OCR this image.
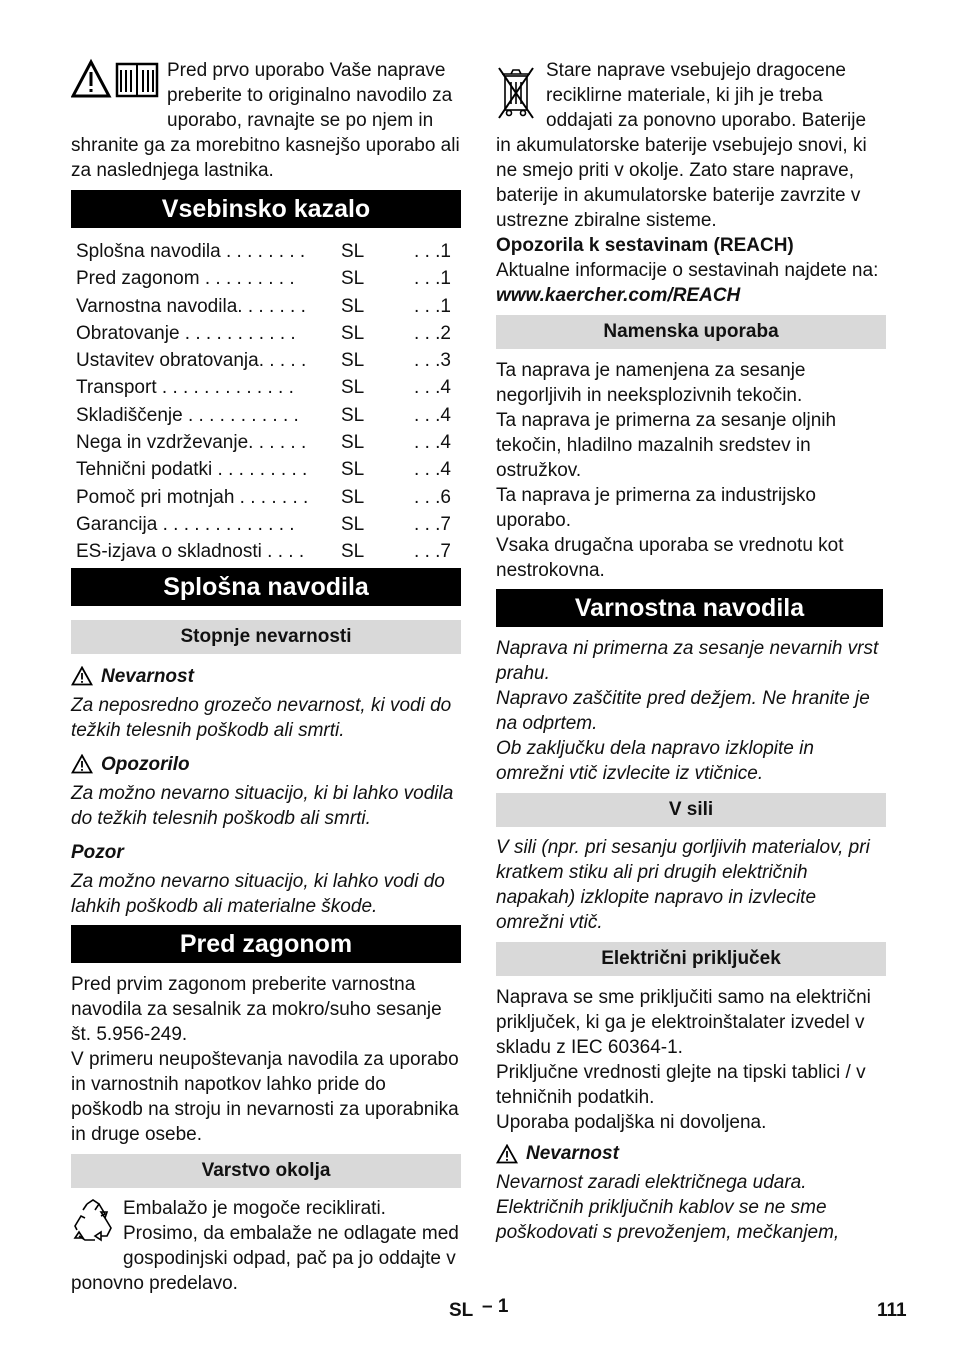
Pred prvo uporabo Vaše naprave preberite to originalno navodilo za uporabo, ravnajte se po njem in shranite ga za morebitno kasnejšo uporabo ali za naslednjega lastnika.

Vsebinsko kazalo
Splošna navodila . . . . . . . .	SL	. . .1
Pred zagonom . . . . . . . . .	SL	. . .1
Varnostna navodila. . . . . . .	SL	. . .1
Obratovanje . . . . . . . . . . .	SL	. . .2
Ustavitev obratovanja. . . . .	SL	. . .3
Transport . . . . . . . . . . . . .	SL	. . .4
Skladiščenje . . . . . . . . . . .	SL	. . .4
Nega in vzdrževanje. . . . . .	SL	. . .4
Tehnični podatki . . . . . . . . .	SL	. . .4
Pomoč pri motnjah . . . . . . .	SL	. . .6
Garancija . . . . . . . . . . . . .	SL	. . .7
ES-izjava o skladnosti . . . .	SL	. . .7
Splošna navodila
Stopnje nevarnosti
Nevarnost

Za neposredno grozečo nevarnost, ki vodi do težkih telesnih poškodb ali smrti.

Opozorilo

Za možno nevarno situacijo, ki bi lahko vodila do težkih telesnih poškodb ali smrti.

Pozor

Za možno nevarno situacijo, ki lahko vodi do lahkih poškodb ali materialne škode.

Pred zagonom

Pred prvim zagonom preberite varnostna navodila za sesalnik za mokro/suho sesanje št. 5.956-249.

V primeru neupoštevanja navodila za uporabo in varnostnih napotkov lahko pride do poškodb na stroju in nevarnosti za uporabnika in druge osebe.

Varstvo okolja

Embalažo je mogoče reciklirati. Prosimo, da embalaže ne odlagate med gospodinjski odpad, pač pa jo oddajte v ponovno predelavo.

Stare naprave vsebujejo dragocene reciklirne materiale, ki jih je treba oddajati za ponovno uporabo. Baterije in akumulatorske baterije vsebujejo snovi, ki ne smejo priti v okolje. Zato stare naprave, baterije in akumulatorske baterije zavrzite v ustrezne zbiralne sisteme.

Opozorila k sestavinam (REACH)

Aktualne informacije o sestavinah najdete na:

www.kaercher.com/REACH

Namenska uporaba

Ta naprava je namenjena za sesanje negorljivih in neeksplozivnih tekočin.

Ta naprava je primerna za sesanje oljnih tekočin, hladilno mazalnih sredstev in ostružkov.

Ta naprava je primerna za industrijsko uporabo.

Vsaka drugačna uporaba se vrednotu kot nestrokovna.

Varnostna navodila

Naprava ni primerna za sesanje nevarnih vrst prahu.

Napravo zaščitite pred dežjem. Ne hranite je na odprtem.

Ob zaključku dela napravo izklopite in omrežni vtič izvlecite iz vtičnice.

V sili

V sili (npr. pri sesanju gorljivih materialov, pri kratkem stiku ali pri drugih električnih napakah) izklopite napravo in izvlecite omrežni vtič.

Električni priključek

Naprava se sme priključiti samo na električni priključek, ki ga je elektroinštalater izvedel v skladu z IEC 60364-1.

Priključne vrednosti glejte na tipski tablici / v tehničnih podatkih.

Uporaba podaljška ni dovoljena.

Nevarnost

Nevarnost zaradi električnega udara. Električnih priključnih kablov se ne sme poškodovati s prevoženjem, mečkanjem,

SL – 1	111
